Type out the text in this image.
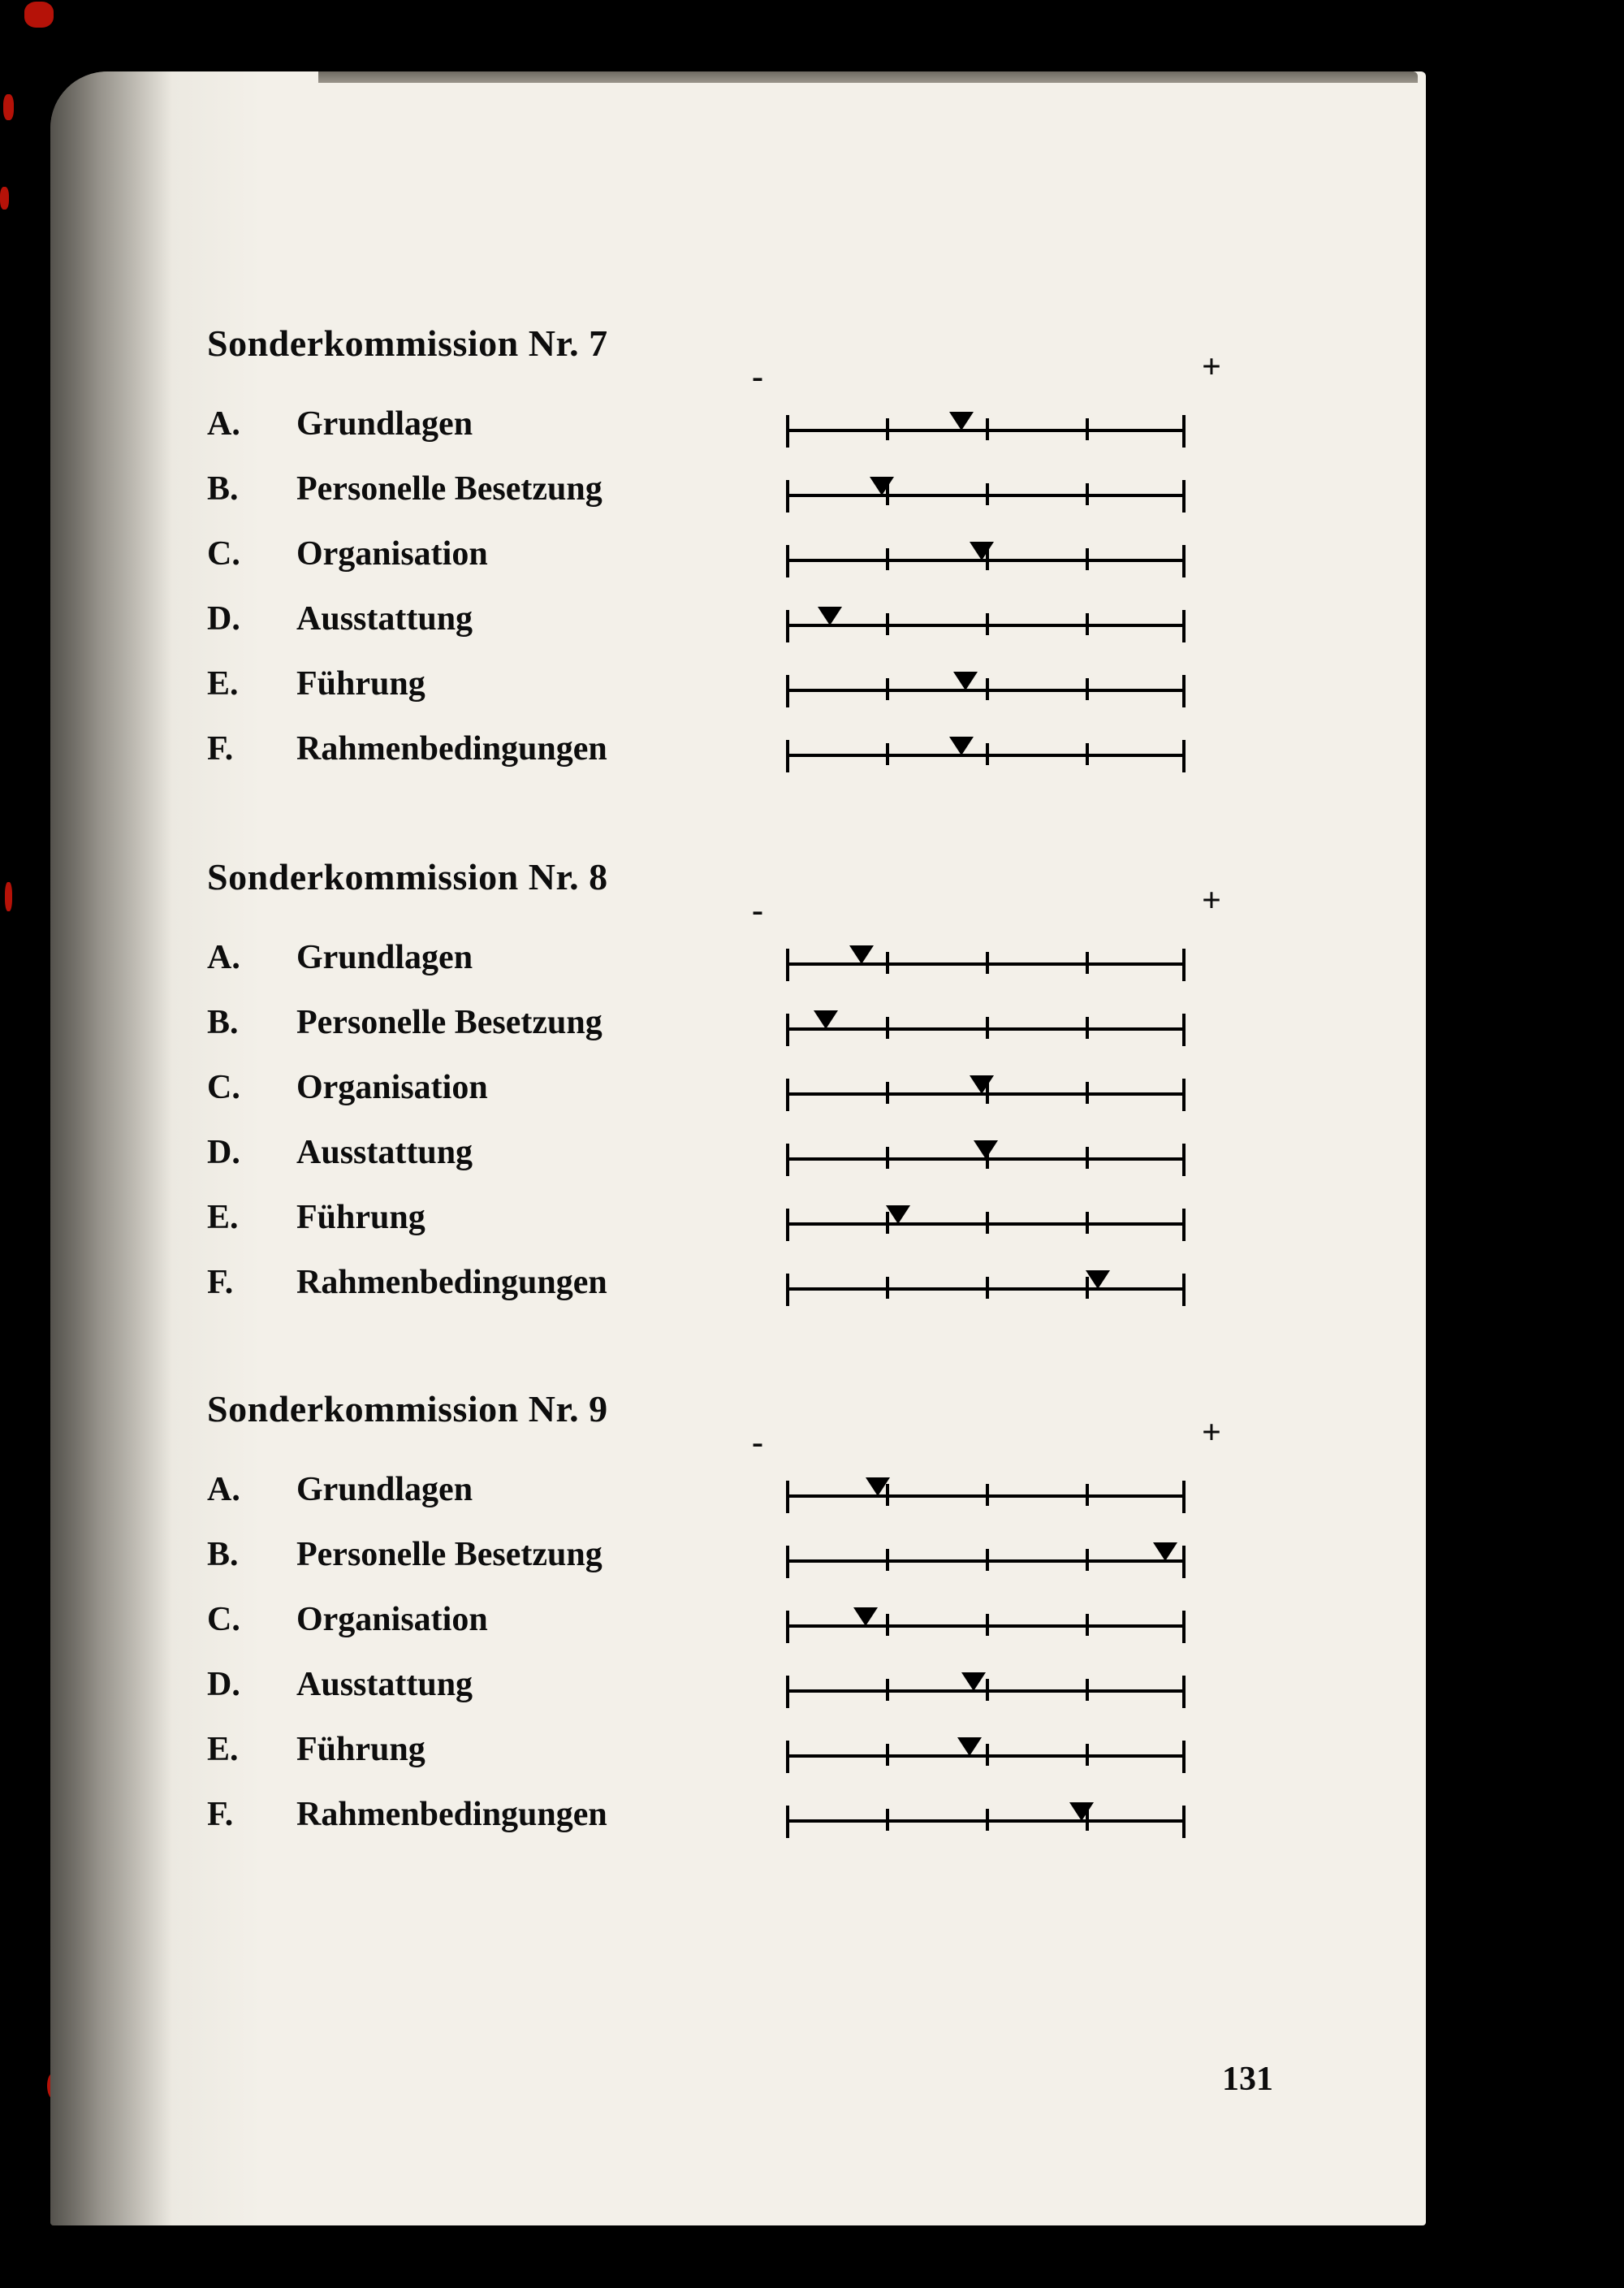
Sonderkommission Nr. 7
-	+
A. Grundlagen
B. Personelle Besetzung
C. Organisation
D. Ausstattung
E. Führung
F. Rahmenbedingungen
Sonderkommission Nr. 8
-	+
A. Grundlagen
B. Personelle Besetzung
C. Organisation
D. Ausstattung
E. Führung
F. Rahmenbedingungen
Sonderkommission Nr. 9
-	+
A. Grundlagen
B. Personelle Besetzung
C. Organisation
D. Ausstattung
E. Führung
F. Rahmenbedingungen
131
